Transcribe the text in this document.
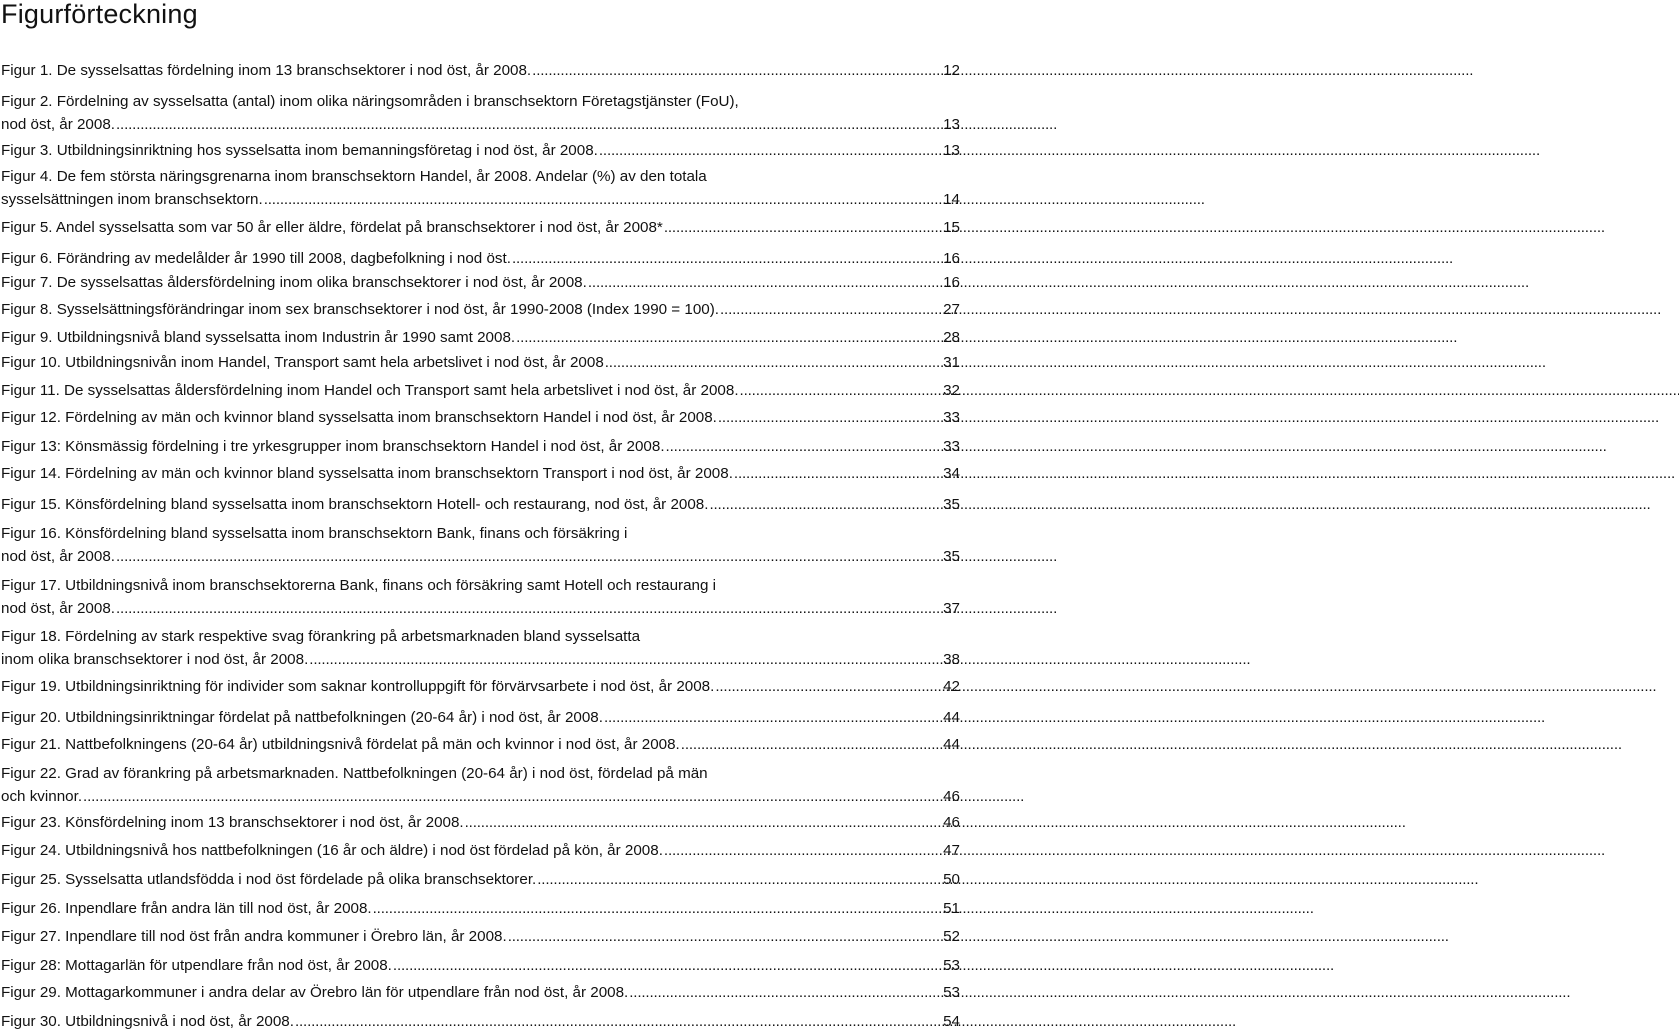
Figurförteckning
Figur 1. De sysselsattas fördelning inom 13 branschsektorer i nod öst, år 2008. . . .	12
Figur 2. Fördelning av sysselsatta (antal) inom olika näringsområden i branschsektorn Företagstjänster (FoU),
nod öst, år 2008. . . .	13
Figur 3. Utbildningsinriktning hos sysselsatta inom bemanningsföretag i nod öst, år 2008. . . .	13
Figur 4. De fem största näringsgrenarna inom branschsektorn Handel, år 2008. Andelar (%) av den totala
sysselsättningen inom branschsektorn. . . .	14
Figur 5. Andel sysselsatta som var 50 år eller äldre, fördelat på branschsektorer i nod öst, år 2008* . . .	15
Figur 6. Förändring av medelålder år 1990 till 2008, dagbefolkning i nod öst. . . .	16
Figur 7. De sysselsattas åldersfördelning inom olika branschsektorer i nod öst, år 2008. . . .	16
Figur 8. Sysselsättningsförändringar inom sex branschsektorer i nod öst, år 1990-2008 (Index 1990 = 100). . . .	27
Figur 9. Utbildningsnivå bland sysselsatta inom Industrin år 1990 samt 2008. . . .	28
Figur 10. Utbildningsnivån inom Handel, Transport samt hela arbetslivet i nod öst, år 2008 . . .	31
Figur 11. De sysselsattas åldersfördelning inom Handel och Transport samt hela arbetslivet i nod öst, år 2008. . . .	32
Figur 12. Fördelning av män och kvinnor bland sysselsatta inom branschsektorn Handel i nod öst, år 2008. . . .	33
Figur 13: Könsmässig fördelning i tre yrkesgrupper inom branschsektorn Handel i nod öst, år 2008. . . .	33
Figur 14. Fördelning av män och kvinnor bland sysselsatta inom branschsektorn Transport i nod öst, år 2008. . . .	34
Figur 15. Könsfördelning bland sysselsatta inom branschsektorn Hotell- och restaurang, nod öst, år 2008. . . .	35
Figur 16. Könsfördelning bland sysselsatta inom branschsektorn Bank, finans och försäkring i
nod öst, år 2008. . . .	35
Figur 17. Utbildningsnivå inom branschsektorerna Bank, finans och försäkring samt Hotell och restaurang i
nod öst, år 2008. . . .	37
Figur 18. Fördelning av stark respektive svag förankring på arbetsmarknaden bland sysselsatta
inom olika branschsektorer i nod öst, år 2008. . . .	38
Figur 19. Utbildningsinriktning för individer som saknar kontrolluppgift för förvärvsarbete i nod öst, år 2008. . . .	42
Figur 20. Utbildningsinriktningar fördelat på nattbefolkningen (20-64 år) i nod öst, år 2008. . . .	44
Figur 21. Nattbefolkningens (20-64 år) utbildningsnivå fördelat på män och kvinnor i nod öst, år 2008. . . .	44
Figur 22. Grad av förankring på arbetsmarknaden. Nattbefolkningen (20-64 år) i nod öst, fördelad på män
och kvinnor. . . .	46
Figur 23. Könsfördelning inom 13 branschsektorer i nod öst, år 2008. . . .	46
Figur 24. Utbildningsnivå hos nattbefolkningen (16 år och äldre) i nod öst fördelad på kön, år 2008. . . .	47
Figur 25. Sysselsatta utlandsfödda i nod öst fördelade på olika branschsektorer. . . .	50
Figur 26. Inpendlare från andra län till nod öst, år 2008. . . .	51
Figur 27. Inpendlare till nod öst från andra kommuner i Örebro län, år 2008. . . .	52
Figur 28: Mottagarlän för utpendlare från nod öst, år 2008. . . .	53
Figur 29. Mottagarkommuner i andra delar av Örebro län för utpendlare från nod öst, år 2008. . . .	53
Figur 30. Utbildningsnivå i nod öst, år 2008. . . .	54
